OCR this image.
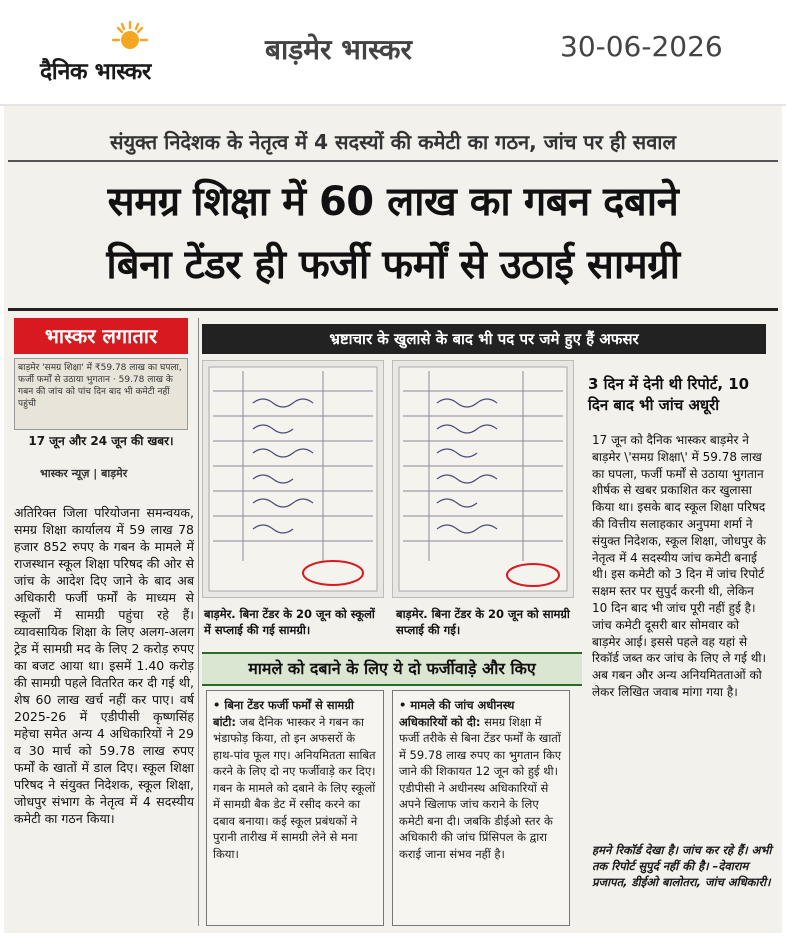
दैनिक भास्कर
बाड़मेर भास्कर	30-06-2026
संयुक्त निदेशक के नेतृत्व में 4 सदस्यों की कमेटी का गठन, जांच पर ही सवाल
समग्र शिक्षा में 60 लाख का गबन दबाने
बिना टेंडर ही फर्जी फर्मों से उठाई सामग्री
भास्कर लगातार
बाड़मेर 'समग्र शिक्षा' में ₹59.78 लाख का घपला, फर्जी फर्मों से उठाया भुगतान · 59.78 लाख के गबन की जांच को पांच दिन बाद भी कमेटी नहीं पहुंची
17 जून और 24 जून की खबर।
भास्कर न्यूज़ | बाड़मेर
अतिरिक्त जिला परियोजना समन्वयक, समग्र शिक्षा कार्यालय में 59 लाख 78 हजार 852 रुपए के गबन के मामले में राजस्थान स्कूल शिक्षा परिषद की ओर से जांच के आदेश दिए जाने के बाद अब अधिकारी फर्जी फर्मों के माध्यम से स्कूलों में सामग्री पहुंचा रहे हैं। व्यावसायिक शिक्षा के लिए अलग-अलग ट्रेड में सामग्री मद के लिए 2 करोड़ रुपए का बजट आया था। इसमें 1.40 करोड़ की सामग्री पहले वितरित कर दी गई थी, शेष 60 लाख खर्च नहीं कर पाए। वर्ष 2025-26 में एडीपीसी कृष्णसिंह महेचा समेत अन्य 4 अधिकारियों ने 29 व 30 मार्च को 59.78 लाख रुपए फर्मों के खातों में डाल दिए। स्कूल शिक्षा परिषद ने संयुक्त निदेशक, स्कूल शिक्षा, जोधपुर संभाग के नेतृत्व में 4 सदस्यीय कमेटी का गठन किया।
भ्रष्टाचार के खुलासे के बाद भी पद पर जमे हुए हैं अफसर
बाड़मेर. बिना टेंडर के 20 जून को स्कूलों में सप्लाई की गई सामग्री।
बाड़मेर. बिना टेंडर के 20 जून को सामग्री सप्लाई की गई।
3 दिन में देनी थी रिपोर्ट, 10 दिन बाद भी जांच अधूरी
17 जून को दैनिक भास्कर बाड़मेर ने बाड़मेर \'समग्र शिक्षा\' में 59.78 लाख का घपला, फर्जी फर्मों से उठाया भुगतान शीर्षक से खबर प्रकाशित कर खुलासा किया था। इसके बाद स्कूल शिक्षा परिषद की वित्तीय सलाहकार अनुपमा शर्मा ने संयुक्त निदेशक, स्कूल शिक्षा, जोधपुर के नेतृत्व में 4 सदस्यीय जांच कमेटी बनाई थी। इस कमेटी को 3 दिन में जांच रिपोर्ट सक्षम स्तर पर सुपुर्द करनी थी, लेकिन 10 दिन बाद भी जांच पूरी नहीं हुई है। जांच कमेटी दूसरी बार सोमवार को बाड़मेर आई। इससे पहले वह यहां से रिकॉर्ड जब्त कर जांच के लिए ले गई थी। अब गबन और अन्य अनियमितताओं को लेकर लिखित जवाब मांगा गया है।
हमने रिकॉर्ड देखा है। जांच कर रहे हैं। अभी तक रिपोर्ट सुपुर्द नहीं की है। –देवाराम प्रजापत, डीईओ बालोतरा, जांच अधिकारी।
मामले को दबाने के लिए ये दो फर्जीवाड़े और किए
• बिना टेंडर फर्जी फर्मों से सामग्री बांटी: जब दैनिक भास्कर ने गबन का भंडाफोड़ किया, तो इन अफसरों के हाथ-पांव फूल गए। अनियमितता साबित करने के लिए दो नए फर्जीवाड़े कर दिए। गबन के मामले को दबाने के लिए स्कूलों में सामग्री बैक डेट में रसीद करने का दबाव बनाया। कई स्कूल प्रबंधकों ने पुरानी तारीख में सामग्री लेने से मना किया।
• मामले की जांच अधीनस्थ अधिकारियों को दी: समग्र शिक्षा में फर्जी तरीके से बिना टेंडर फर्मों के खातों में 59.78 लाख रुपए का भुगतान किए जाने की शिकायत 12 जून को हुई थी। एडीपीसी ने अधीनस्थ अधिकारियों से अपने खिलाफ जांच कराने के लिए कमेटी बना दी। जबकि डीईओ स्तर के अधिकारी की जांच प्रिंसिपल के द्वारा कराई जाना संभव नहीं है।
